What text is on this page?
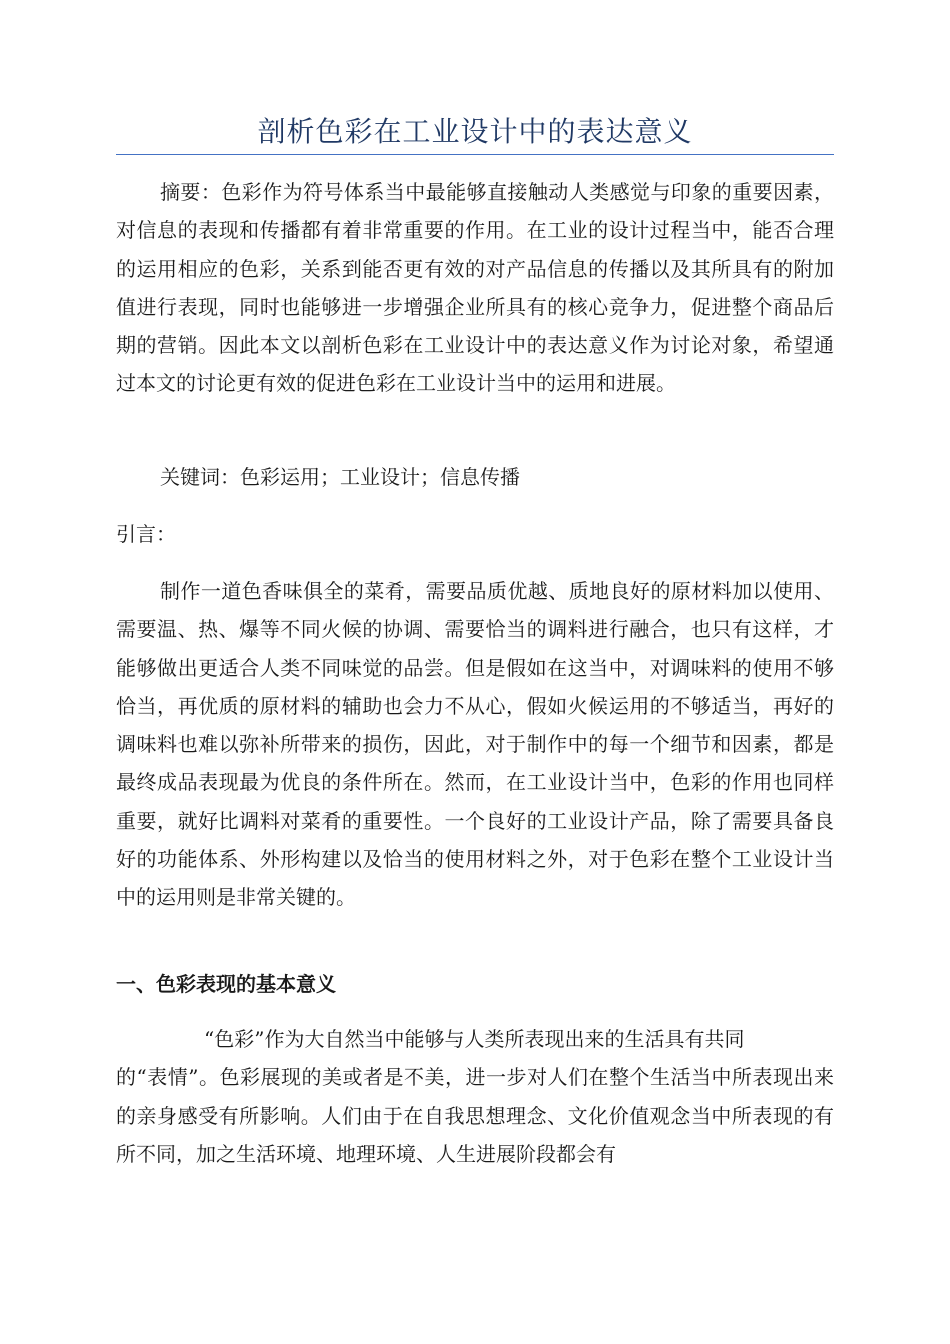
剖析色彩在工业设计中的表达意义

摘要：色彩作为符号体系当中最能够直接触动人类感觉与印象的重要因素，对信息的表现和传播都有着非常重要的作用。在工业的设计过程当中，能否合理的运用相应的色彩，关系到能否更有效的对产品信息的传播以及其所具有的附加值进行表现，同时也能够进一步增强企业所具有的核心竞争力，促进整个商品后期的营销。因此本文以剖析色彩在工业设计中的表达意义作为讨论对象，希望通过本文的讨论更有效的促进色彩在工业设计当中的运用和进展。

关键词：色彩运用；工业设计；信息传播

引言：

制作一道色香味俱全的菜肴，需要品质优越、质地良好的原材料加以使用、需要温、热、爆等不同火候的协调、需要恰当的调料进行融合，也只有这样，才能够做出更适合人类不同味觉的品尝。但是假如在这当中，对调味料的使用不够恰当，再优质的原材料的辅助也会力不从心，假如火候运用的不够适当，再好的调味料也难以弥补所带来的损伤，因此，对于制作中的每一个细节和因素，都是最终成品表现最为优良的条件所在。然而，在工业设计当中，色彩的作用也同样重要，就好比调料对菜肴的重要性。一个良好的工业设计产品，除了需要具备良好的功能体系、外形构建以及恰当的使用材料之外，对于色彩在整个工业设计当中的运用则是非常关键的。

一、色彩表现的基本意义
“色彩”作为大自然当中能够与人类所表现出来的生活具有共同
的“表情”。色彩展现的美或者是不美，进一步对人们在整个生活当中所表现出来的亲身感受有所影响。人们由于在自我思想理念、文化价值观念当中所表现的有所不同，加之生活环境、地理环境、人生进展阶段都会有
